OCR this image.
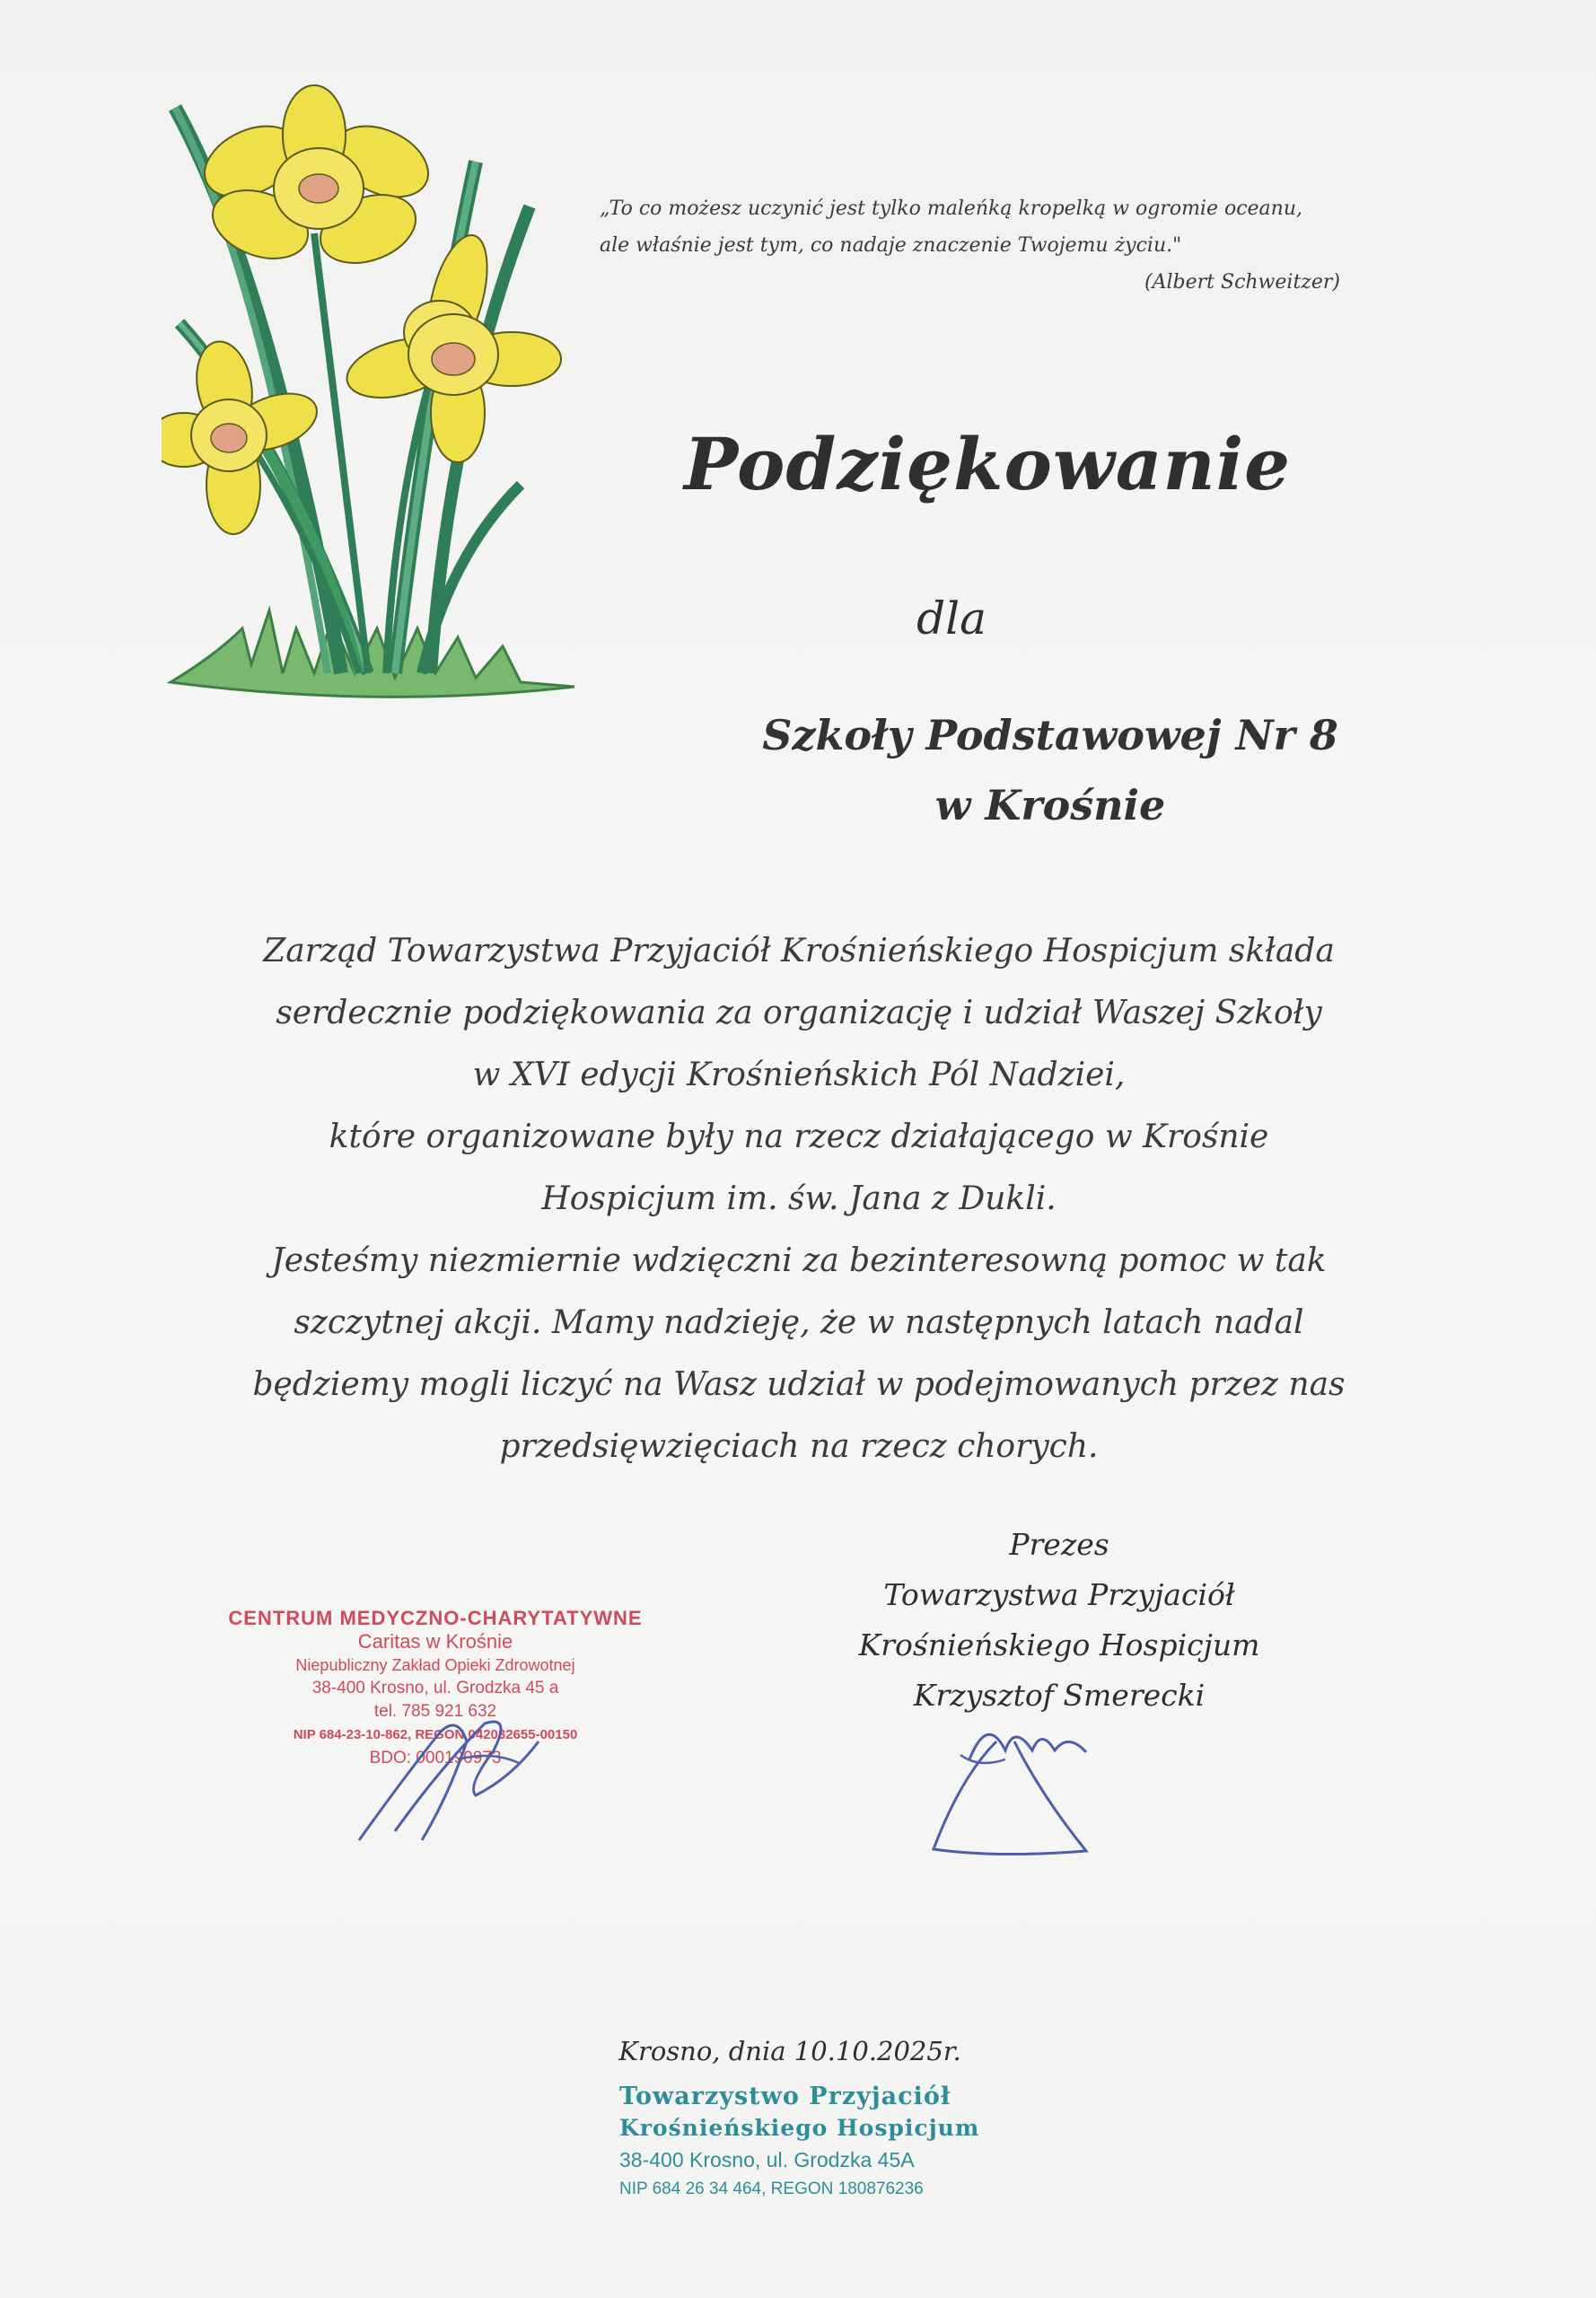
„To co możesz uczynić jest tylko maleńką kropelką w ogromie oceanu,
ale właśnie jest tym, co nadaje znaczenie Twojemu życiu."
(Albert Schweitzer)
Podziękowanie
dla
Szkoły Podstawowej Nr 8
w Krośnie
Zarząd Towarzystwa Przyjaciół Krośnieńskiego Hospicjum składa
serdecznie podziękowania za organizację i udział Waszej Szkoły
w XVI edycji Krośnieńskich Pól Nadziei,
które organizowane były na rzecz działającego w Krośnie
Hospicjum im. św. Jana z Dukli.
Jesteśmy niezmiernie wdzięczni za bezinteresowną pomoc w tak
szczytnej akcji. Mamy nadzieję, że w następnych latach nadal
będziemy mogli liczyć na Wasz udział w podejmowanych przez nas
przedsięwzięciach na rzecz chorych.
Prezes
Towarzystwa Przyjaciół
Krośnieńskiego Hospicjum
Krzysztof Smerecki
CENTRUM MEDYCZNO-CHARYTATYWNE
Caritas w Krośnie
Niepubliczny Zakład Opieki Zdrowotnej
38-400 Krosno, ul. Grodzka 45 a
tel. 785 921 632
NIP 684-23-10-862, REGON 042032655-00150
BDO: 000190973
Krosno, dnia 10.10.2025r.
Towarzystwo Przyjaciół
Krośnieńskiego Hospicjum
38-400 Krosno, ul. Grodzka 45A
NIP 684 26 34 464, REGON 180876236
